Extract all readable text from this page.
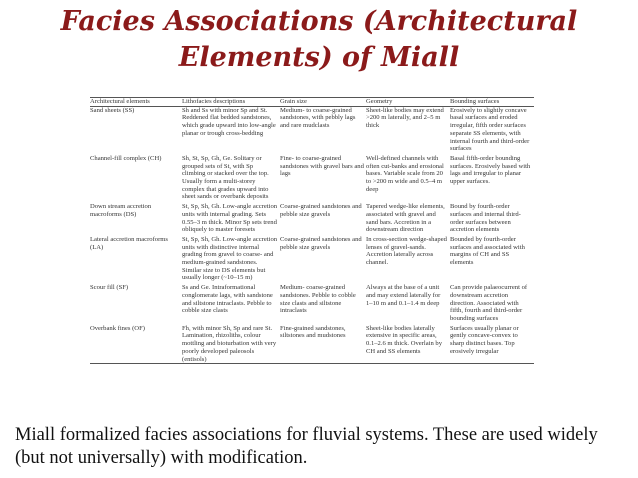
Facies Associations (Architectural
Elements) of Miall
Architectural elements	Lithofacies descriptions	Grain size	Geometry	Bounding surfaces
Sand sheets (SS)	Sh and Ss with minor Sp and St. Reddened flat bedded sandstones, which grade upward into low-angle planar or trough cross-bedding	Medium- to coarse-grained sandstones, with pebbly lags and rare mudclasts	Sheet-like bodies may extend >200 m laterally, and 2–5 m thick	Erosively to slightly concave basal surfaces and eroded irregular, fifth order surfaces separate SS elements, with internal fourth and third-order surfaces
Channel-fill complex (CH)	Sh, St, Sp, Gh, Ge. Solitary or grouped sets of St, with Sp climbing or stacked over the top. Usually form a multi-storey complex that grades upward into sheet sands or overbank deposits	Fine- to coarse-grained sandstones with gravel bars and lags	Well-defined channels with often cut-banks and erosional bases. Variable scale from 20 to >200 m wide and 0.5–4 m deep	Basal fifth-order bounding surfaces. Erosively based with lags and irregular to planar upper surfaces.
Down stream accretion macroforms (DS)	St, Sp, Sh, Gh. Low-angle accretion units with internal grading. Sets 0.55–3 m thick. Minor Sp sets trend obliquely to master foresets	Coarse-grained sandstones and pebble size gravels	Tapered wedge-like elements, associated with gravel and sand bars. Accretion in a downstream direction	Bound by fourth-order surfaces and internal third-order surfaces between accretion elements
Lateral accretion macroforms (LA)	St, Sp, Sh, Gh. Low-angle accretion units with distinctive internal grading from gravel to coarse- and medium-grained sandstones. Similar size to DS elements but usually longer (~10–15 m)	Coarse-grained sandstones and pebble size gravels	In cross-section wedge-shaped lenses of gravel-sands. Accretion laterally across channel.	Bounded by fourth-order surfaces and associated with margins of CH and SS elements
Scour fill (SF)	Ss and Ge. Intraformational conglomerate lags, with sandstone and siltstone intraclasts. Pebble to cobble size clasts	Medium- coarse-grained sandstones. Pebble to cobble size clasts and siltstone intraclasts	Always at the base of a unit and may extend laterally for 1–10 m and 0.1–1.4 m deep	Can provide palaeocurrent of downstream accretion direction. Associated with fifth, fourth and third-order bounding surfaces
Overbank fines (OF)	Fh, with minor Sh, Sp and rare St. Lamination, rhizoliths, colour mottling and bioturbation with very poorly developed paleosols (entisols)	Fine-grained sandstones, siltstones and mudstones	Sheet-like bodies laterally extensive in specific areas, 0.1–2.6 m thick. Overlain by CH and SS elements	Surfaces usually planar or gently concave-convex to sharp distinct bases. Top erosively irregular
Miall formalized facies associations for fluvial systems. These are used widely (but not universally) with modification.
